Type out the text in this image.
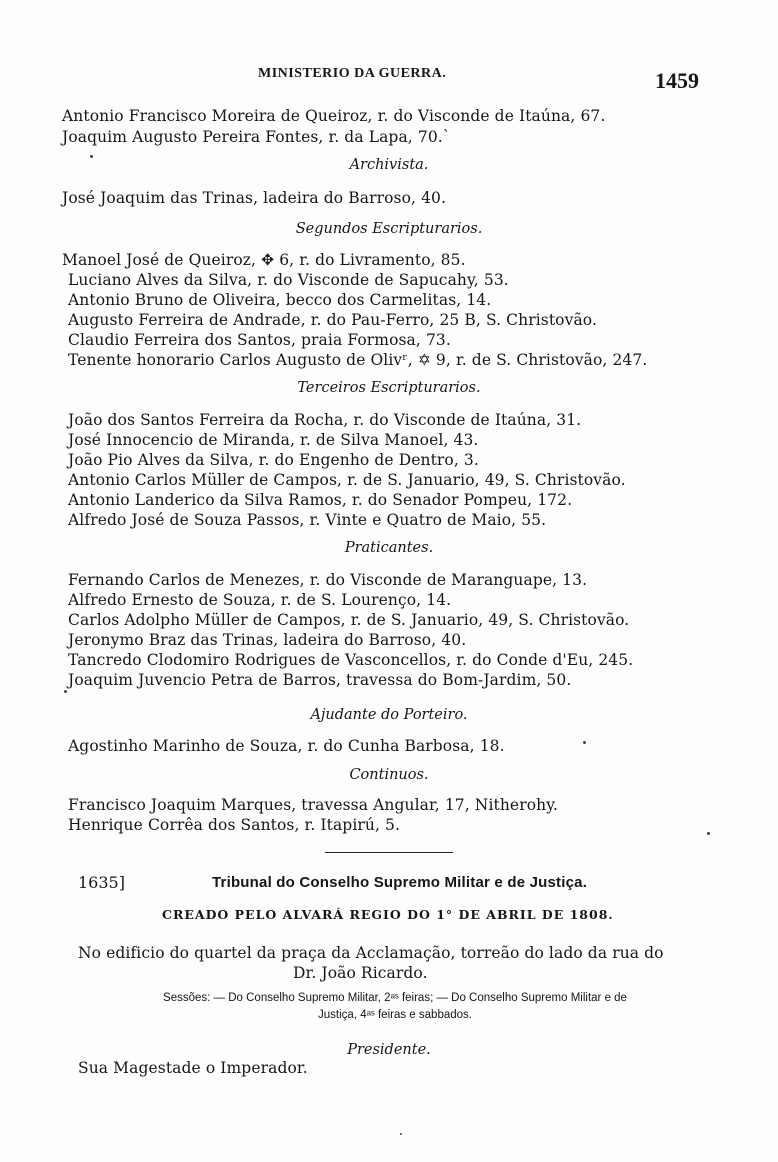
MINISTERIO DA GUERRA.	1459
Antonio Francisco Moreira de Queiroz, r. do Visconde de Itaúna, 67.
Joaquim Augusto Pereira Fontes, r. da Lapa, 70.`
Archivista.
José Joaquim das Trinas, ladeira do Barroso, 40.
Segundos Escripturarios.
Manoel José de Queiroz, ✥ 6, r. do Livramento, 85.
Luciano Alves da Silva, r. do Visconde de Sapucahy, 53.
Antonio Bruno de Oliveira, becco dos Carmelitas, 14.
Augusto Ferreira de Andrade, r. do Pau-Ferro, 25 B, S. Christovão.
Claudio Ferreira dos Santos, praia Formosa, 73.
Tenente honorario Carlos Augusto de Olivʳ, ✡ 9, r. de S. Christovão, 247.
Terceiros Escripturarios.
João dos Santos Ferreira da Rocha, r. do Visconde de Itaúna, 31.
José Innocencio de Miranda, r. de Silva Manoel, 43.
João Pio Alves da Silva, r. do Engenho de Dentro, 3.
Antonio Carlos Müller de Campos, r. de S. Januario, 49, S. Christovão.
Antonio Landerico da Silva Ramos, r. do Senador Pompeu, 172.
Alfredo José de Souza Passos, r. Vinte e Quatro de Maio, 55.
Praticantes.
Fernando Carlos de Menezes, r. do Visconde de Maranguape, 13.
Alfredo Ernesto de Souza, r. de S. Lourenço, 14.
Carlos Adolpho Müller de Campos, r. de S. Januario, 49, S. Christovão.
Jeronymo Braz das Trinas, ladeira do Barroso, 40.
Tancredo Clodomiro Rodrigues de Vasconcellos, r. do Conde d'Eu, 245.
Joaquim Juvencio Petra de Barros, travessa do Bom-Jardim, 50.
Ajudante do Porteiro.
Agostinho Marinho de Souza, r. do Cunha Barbosa, 18.
Continuos.
Francisco Joaquim Marques, travessa Angular, 17, Nitherohy.
Henrique Corrêa dos Santos, r. Itapirú, 5.
1635]	Tribunal do Conselho Supremo Militar e de Justiça.
CREADO PELO ALVARÁ REGIO DO 1° DE ABRIL DE 1808.
No edificio do quartel da praça da Acclamação, torreão do lado da rua do
Dr. João Ricardo.
Sessões: — Do Conselho Supremo Militar, 2ᵃˢ feiras; — Do Conselho Supremo Militar e de
Justiça, 4ᵃˢ feiras e sabbados.
Presidente.
Sua Magestade o Imperador.
